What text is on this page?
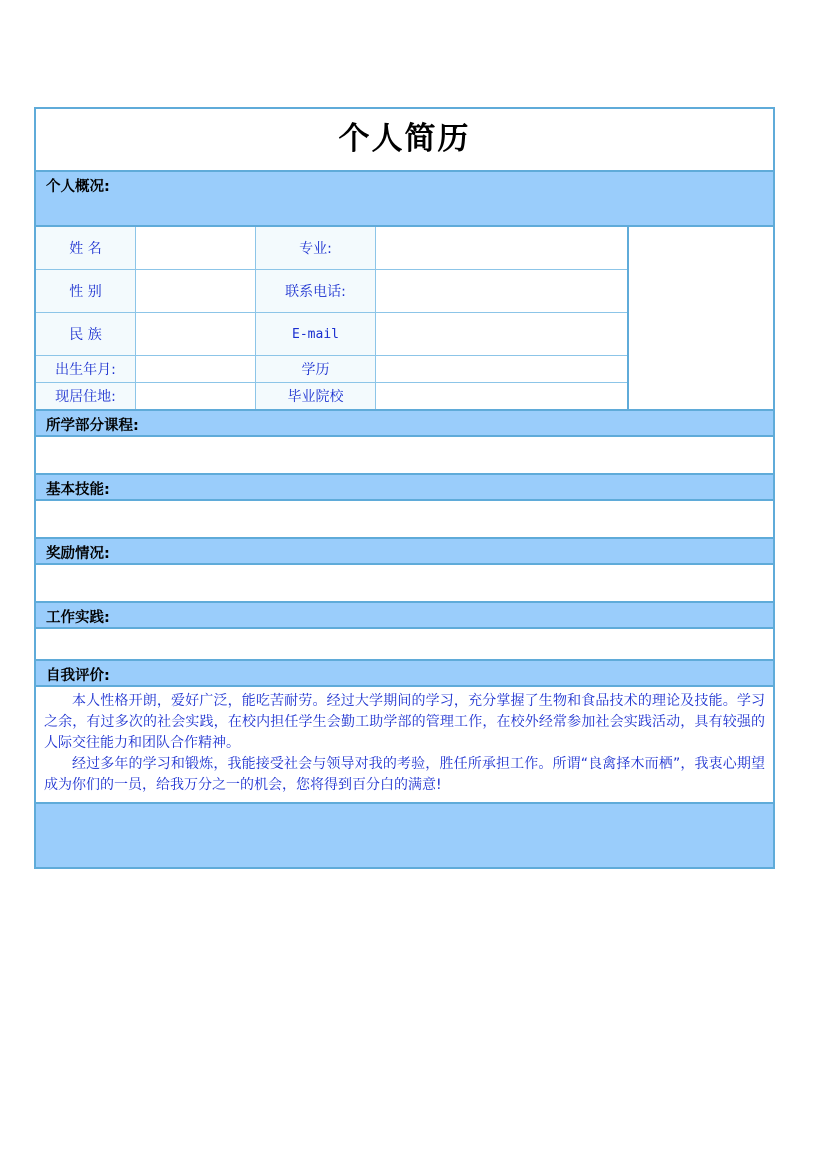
个人简历
个人概况:
姓 名	专业:
性 别	联系电话:
民 族	E-mail
出生年月:	学历
现居住地:	毕业院校
所学部分课程:
基本技能:
奖励情况:
工作实践:
自我评价:

本人性格开朗，爱好广泛，能吃苦耐劳。经过大学期间的学习，充分掌握了生物和食品技术的理论及技能。学习之余，有过多次的社会实践，在校内担任学生会勤工助学部的管理工作，在校外经常参加社会实践活动，具有较强的人际交往能力和团队合作精神。

经过多年的学习和锻炼，我能接受社会与领导对我的考验，胜任所承担工作。所谓“良禽择木而栖”，我衷心期望成为你们的一员，给我万分之一的机会，您将得到百分白的满意!
